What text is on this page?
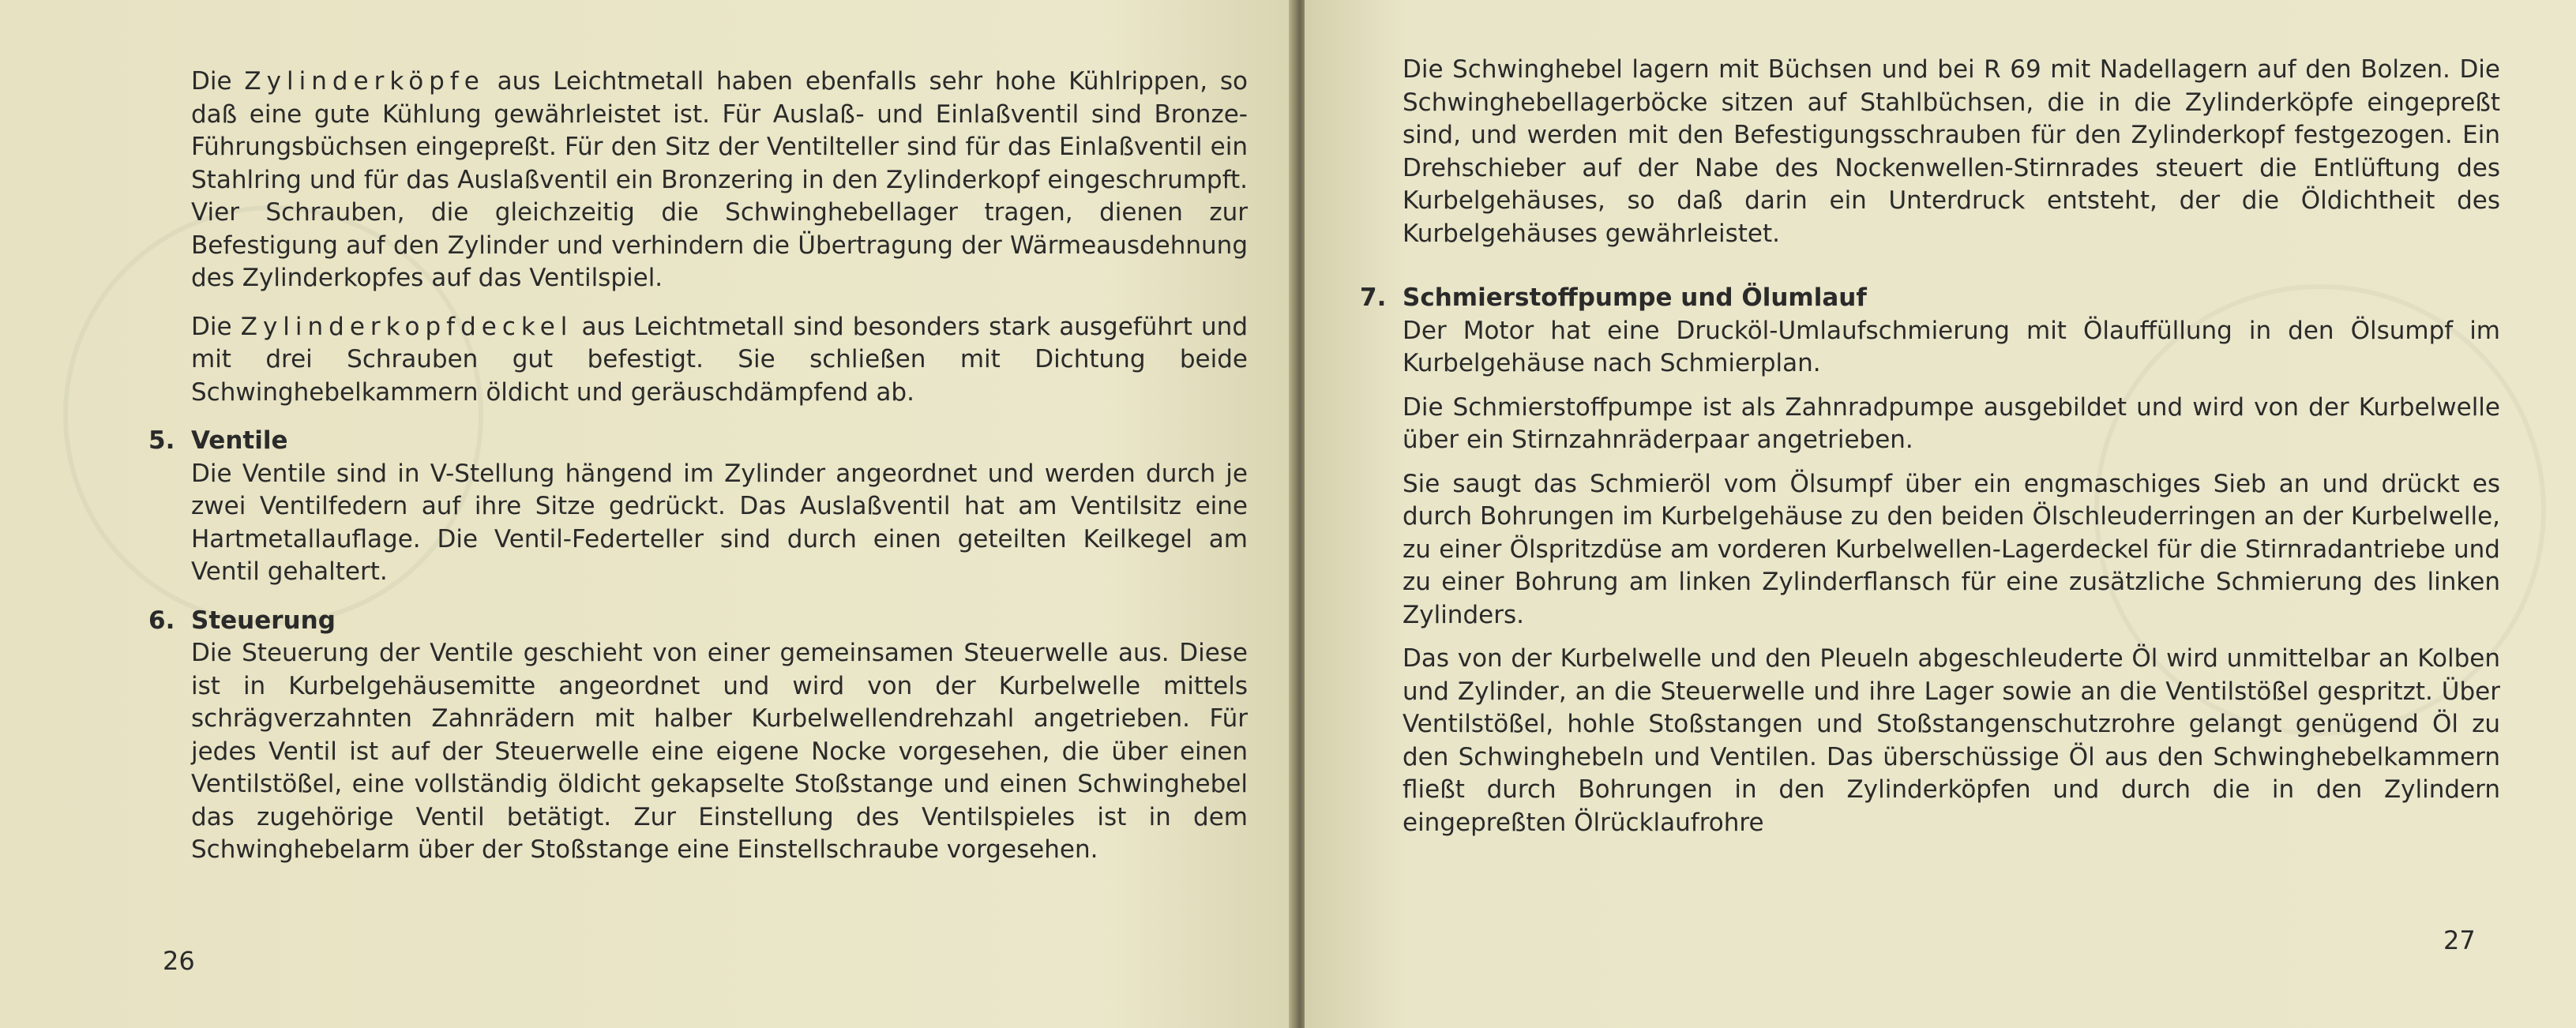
Die Zylinderköpfe aus Leichtmetall haben ebenfalls sehr hohe Kühlrippen, so daß eine gute Kühlung gewährleistet ist. Für Auslaß- und Einlaßventil sind Bronze-Führungsbüchsen eingepreßt. Für den Sitz der Ventilteller sind für das Einlaßventil ein Stahlring und für das Auslaßventil ein Bronzering in den Zylinderkopf eingeschrumpft. Vier Schrauben, die gleichzeitig die Schwinghebellager tragen, dienen zur Befestigung auf den Zylinder und verhindern die Übertragung der Wärmeausdehnung des Zylinderkopfes auf das Ventilspiel.

Die Zylinderkopfdeckel aus Leichtmetall sind besonders stark ausgeführt und mit drei Schrauben gut befestigt. Sie schließen mit Dichtung beide Schwinghebelkammern öldicht und geräuschdämpfend ab.

5. Ventile

Die Ventile sind in V-Stellung hängend im Zylinder angeordnet und werden durch je zwei Ventilfedern auf ihre Sitze gedrückt. Das Auslaßventil hat am Ventilsitz eine Hartmetallauflage. Die Ventil-Federteller sind durch einen geteilten Keilkegel am Ventil gehaltert.

6. Steuerung

Die Steuerung der Ventile geschieht von einer gemeinsamen Steuerwelle aus. Diese ist in Kurbelgehäusemitte angeordnet und wird von der Kurbelwelle mittels schrägverzahnten Zahnrädern mit halber Kurbelwellendrehzahl angetrieben. Für jedes Ventil ist auf der Steuerwelle eine eigene Nocke vorgesehen, die über einen Ventilstößel, eine vollständig öldicht gekapselte Stoßstange und einen Schwinghebel das zugehörige Ventil betätigt. Zur Einstellung des Ventilspieles ist in dem Schwinghebelarm über der Stoßstange eine Einstellschraube vorgesehen.

26

Die Schwinghebel lagern mit Büchsen und bei R 69 mit Nadellagern auf den Bolzen. Die Schwinghebellagerböcke sitzen auf Stahlbüchsen, die in die Zylinderköpfe eingepreßt sind, und werden mit den Befestigungsschrauben für den Zylinderkopf festgezogen. Ein Drehschieber auf der Nabe des Nockenwellen-Stirnrades steuert die Entlüftung des Kurbelgehäuses, so daß darin ein Unterdruck entsteht, der die Öldichtheit des Kurbelgehäuses gewährleistet.

7. Schmierstoffpumpe und Ölumlauf

Der Motor hat eine Drucköl-Umlaufschmierung mit Ölauffüllung in den Ölsumpf im Kurbelgehäuse nach Schmierplan.

Die Schmierstoffpumpe ist als Zahnradpumpe ausgebildet und wird von der Kurbelwelle über ein Stirnzahnräderpaar angetrieben.

Sie saugt das Schmieröl vom Ölsumpf über ein engmaschiges Sieb an und drückt es durch Bohrungen im Kurbelgehäuse zu den beiden Ölschleuderringen an der Kurbelwelle, zu einer Ölspritzdüse am vorderen Kurbelwellen-Lagerdeckel für die Stirnradantriebe und zu einer Bohrung am linken Zylinderflansch für eine zusätzliche Schmierung des linken Zylinders.

Das von der Kurbelwelle und den Pleueln abgeschleuderte Öl wird unmittelbar an Kolben und Zylinder, an die Steuerwelle und ihre Lager sowie an die Ventilstößel gespritzt. Über Ventilstößel, hohle Stoßstangen und Stoßstangenschutzrohre gelangt genügend Öl zu den Schwinghebeln und Ventilen. Das überschüssige Öl aus den Schwinghebelkammern fließt durch Bohrungen in den Zylinderköpfen und durch die in den Zylindern eingepreßten Ölrücklaufrohre

27
